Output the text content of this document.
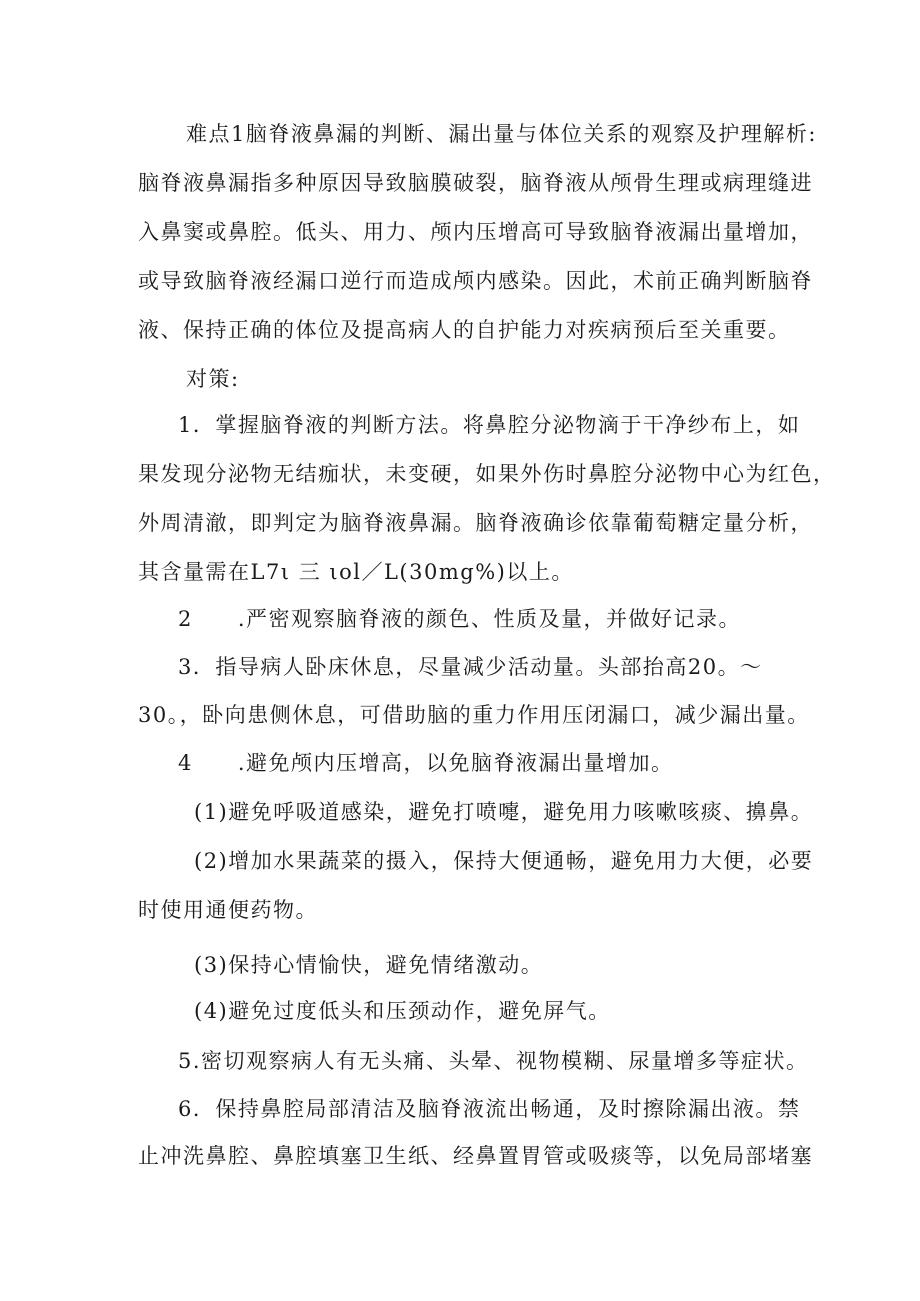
难点1脑脊液鼻漏的判断、漏出量与体位关系的观察及护理解析:
脑脊液鼻漏指多种原因导致脑膜破裂，脑脊液从颅骨生理或病理缝进
入鼻窦或鼻腔。低头、用力、颅内压增高可导致脑脊液漏出量增加，
或导致脑脊液经漏口逆行而造成颅内感染。因此，术前正确判断脑脊
液、保持正确的体位及提高病人的自护能力对疾病预后至关重要。
对策:
1．掌握脑脊液的判断方法。将鼻腔分泌物滴于干净纱布上，如
果发现分泌物无结痂状，未变硬，如果外伤时鼻腔分泌物中心为红色，
外周清澈，即判定为脑脊液鼻漏。脑脊液确诊依靠葡萄糖定量分析，
其含量需在L7ι 三 ιol／L(30mg%)以上。
2　　.严密观察脑脊液的颜色、性质及量，并做好记录。
3．指导病人卧床休息，尽量减少活动量。头部抬高20。〜
30。，卧向患侧休息，可借助脑的重力作用压闭漏口，减少漏出量。
4　　.避免颅内压增高，以免脑脊液漏出量增加。
(1)避免呼吸道感染，避免打喷嚏，避免用力咳嗽咳痰、擤鼻。
(2)增加水果蔬菜的摄入，保持大便通畅，避免用力大便，必要
时使用通便药物。
(3)保持心情愉快，避免情绪激动。
(4)避免过度低头和压颈动作，避免屏气。
5.密切观察病人有无头痛、头晕、视物模糊、尿量增多等症状。
6．保持鼻腔局部清洁及脑脊液流出畅通，及时擦除漏出液。禁
止冲洗鼻腔、鼻腔填塞卫生纸、经鼻置胃管或吸痰等，以免局部堵塞
